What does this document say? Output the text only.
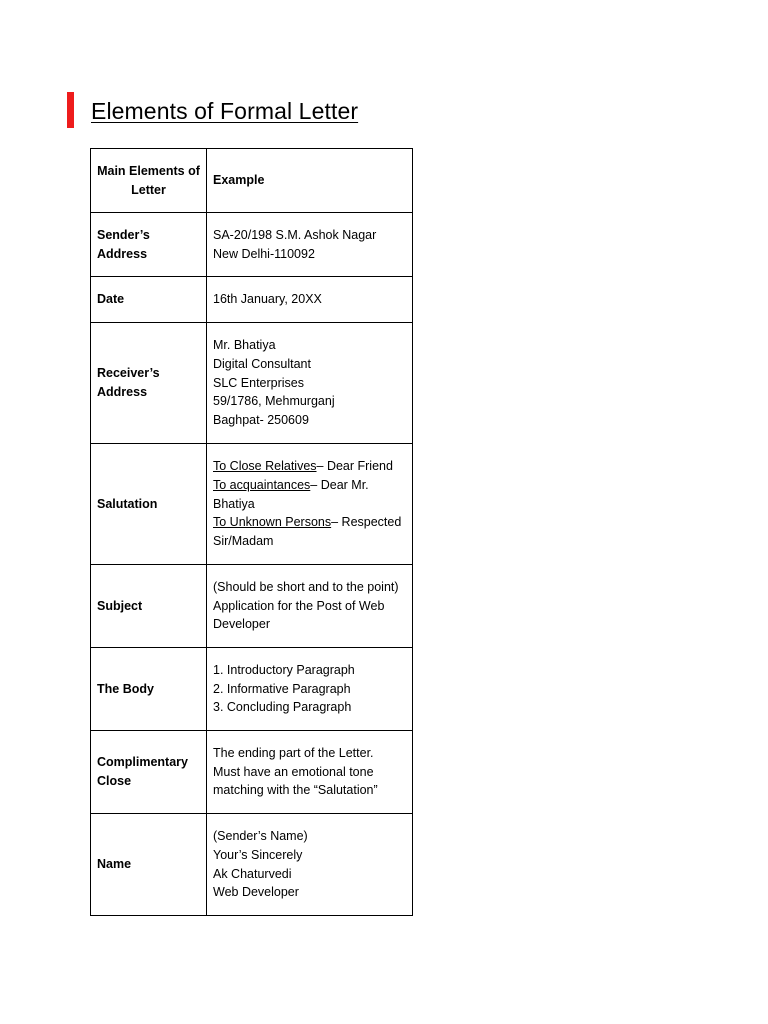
Elements of Formal Letter
Main Elements of Letter	Example
Sender’s Address	SA-20/198 S.M. Ashok Nagar
New Delhi-110092

Date	16th January, 20XX

Receiver’s Address	Mr. Bhatiya
Digital Consultant
SLC Enterprises
59/1786, Mehmurganj
Baghpat- 250609

Salutation	To Close Relatives– Dear Friend
To acquaintances– Dear Mr. Bhatiya
To Unknown Persons– Respected Sir/Madam

Subject	(Should be short and to the point)
Application for the Post of Web Developer

The Body	1. Introductory Paragraph
2. Informative Paragraph
3. Concluding Paragraph

Complimentary Close	The ending part of the Letter.
Must have an emotional tone matching with the “Salutation”

Name	(Sender’s Name)
Your’s Sincerely
Ak Chaturvedi
Web Developer
